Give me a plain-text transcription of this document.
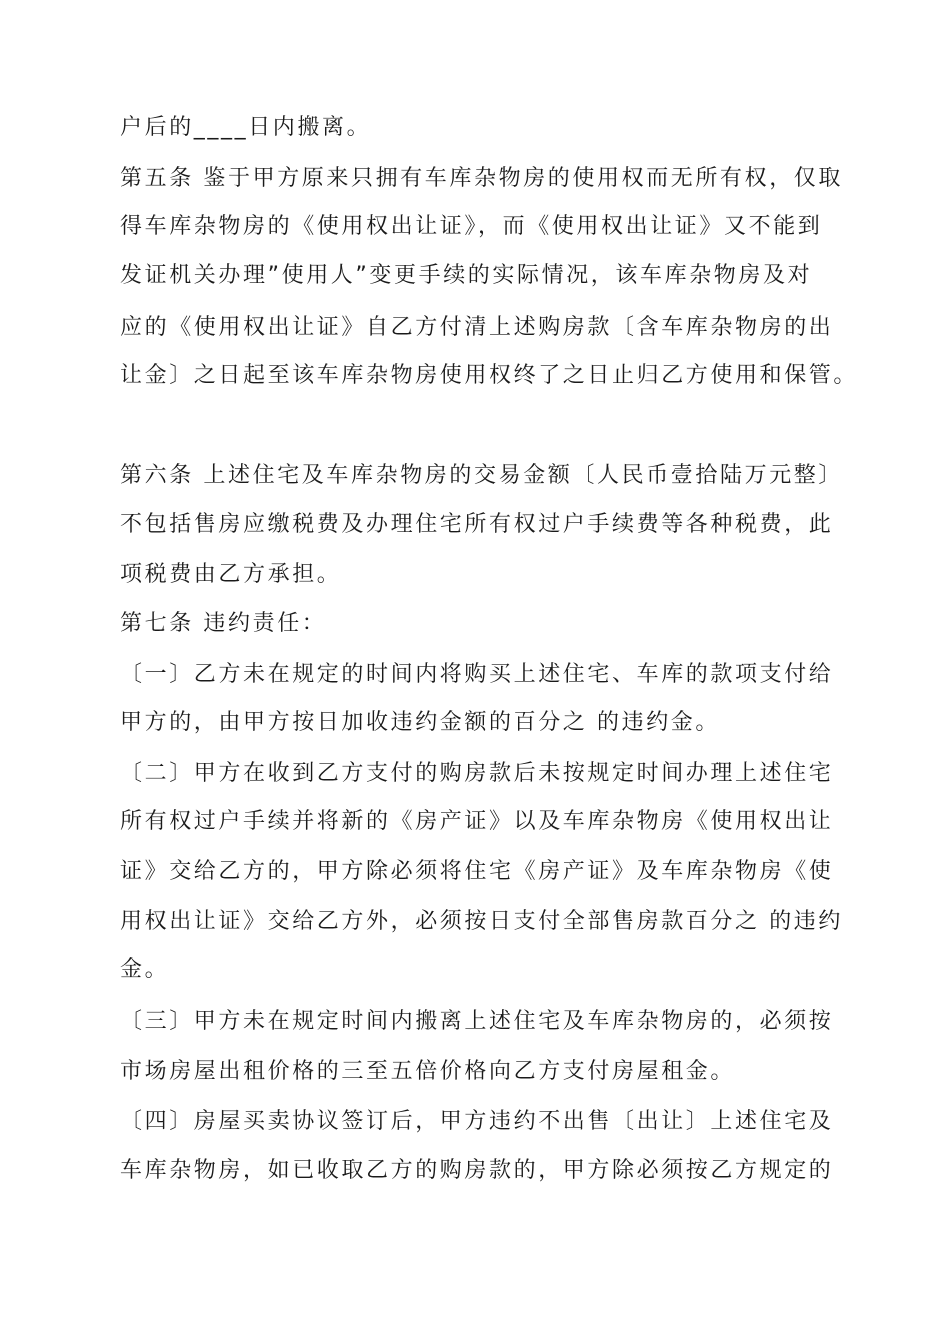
户后的____日内搬离。
第五条 鉴于甲方原来只拥有车库杂物房的使用权而无所有权，仅取
得车库杂物房的《使用权出让证》，而《使用权出让证》又不能到
发证机关办理”使用人”变更手续的实际情况，该车库杂物房及对
应的《使用权出让证》自乙方付清上述购房款〔含车库杂物房的出
让金〕之日起至该车库杂物房使用权终了之日止归乙方使用和保管。
第六条 上述住宅及车库杂物房的交易金额〔人民币壹拾陆万元整〕
不包括售房应缴税费及办理住宅所有权过户手续费等各种税费，此
项税费由乙方承担。
第七条 违约责任：
〔一〕乙方未在规定的时间内将购买上述住宅、车库的款项支付给
甲方的，由甲方按日加收违约金额的百分之 的违约金。
〔二〕甲方在收到乙方支付的购房款后未按规定时间办理上述住宅
所有权过户手续并将新的《房产证》以及车库杂物房《使用权出让
证》交给乙方的，甲方除必须将住宅《房产证》及车库杂物房《使
用权出让证》交给乙方外，必须按日支付全部售房款百分之 的违约
金。
〔三〕甲方未在规定时间内搬离上述住宅及车库杂物房的，必须按
市场房屋出租价格的三至五倍价格向乙方支付房屋租金。
〔四〕房屋买卖协议签订后，甲方违约不出售〔出让〕上述住宅及
车库杂物房，如已收取乙方的购房款的，甲方除必须按乙方规定的
